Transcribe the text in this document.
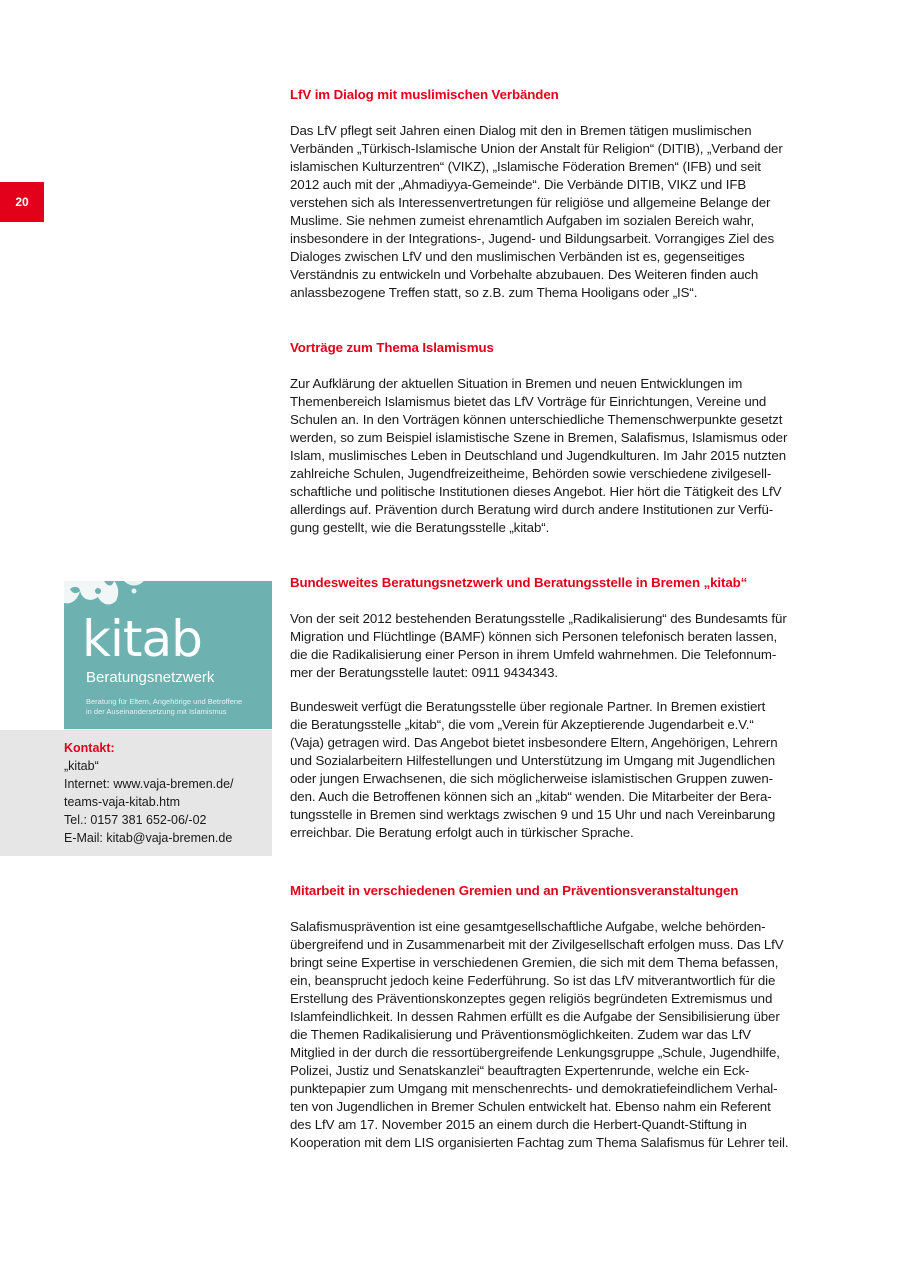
20
LfV im Dialog mit muslimischen Verbänden

Das LfV pflegt seit Jahren einen Dialog mit den in Bremen tätigen muslimischen
Verbänden „Türkisch-Islamische Union der Anstalt für Religion“ (DITIB), „Verband der
islamischen Kulturzentren“ (VIKZ), „Islamische Föderation Bremen“ (IFB) und seit
2012 auch mit der „Ahmadiyya-Gemeinde“. Die Verbände DITIB, VIKZ und IFB
verstehen sich als Interessenvertretungen für religiöse und allgemeine Belange der
Muslime. Sie nehmen zumeist ehrenamtlich Aufgaben im sozialen Bereich wahr,
insbesondere in der Integrations-, Jugend- und Bildungsarbeit. Vorrangiges Ziel des
Dialoges zwischen LfV und den muslimischen Verbänden ist es, gegenseitiges
Verständnis zu entwickeln und Vorbehalte abzubauen. Des Weiteren finden auch
anlassbezogene Treffen statt, so z.B. zum Thema Hooligans oder „IS“.

Vorträge zum Thema Islamismus

Zur Aufklärung der aktuellen Situation in Bremen und neuen Entwicklungen im
Themenbereich Islamismus bietet das LfV Vorträge für Einrichtungen, Vereine und
Schulen an. In den Vorträgen können unterschiedliche Themenschwerpunkte gesetzt
werden, so zum Beispiel islamistische Szene in Bremen, Salafismus, Islamismus oder
Islam, muslimisches Leben in Deutschland und Jugendkulturen. Im Jahr 2015 nutzten
zahlreiche Schulen, Jugendfreizeitheime, Behörden sowie verschiedene zivilgesell-
schaftliche und politische Institutionen dieses Angebot. Hier hört die Tätigkeit des LfV
allerdings auf. Prävention durch Beratung wird durch andere Institutionen zur Verfü-
gung gestellt, wie die Beratungsstelle „kitab“.

Bundesweites Beratungsnetzwerk und Beratungsstelle in Bremen „kitab“

Von der seit 2012 bestehenden Beratungsstelle „Radikalisierung“ des Bundesamts für
Migration und Flüchtlinge (BAMF) können sich Personen telefonisch beraten lassen,
die die Radikalisierung einer Person in ihrem Umfeld wahrnehmen. Die Telefonnum-
mer der Beratungsstelle lautet: 0911 9434343.

Bundesweit verfügt die Beratungsstelle über regionale Partner. In Bremen existiert
die Beratungsstelle „kitab“, die vom „Verein für Akzeptierende Jugendarbeit e.V.“
(Vaja) getragen wird. Das Angebot bietet insbesondere Eltern, Angehörigen, Lehrern
und Sozialarbeitern Hilfestellungen und Unterstützung im Umgang mit Jugendlichen
oder jungen Erwachsenen, die sich möglicherweise islamistischen Gruppen zuwen-
den. Auch die Betroffenen können sich an „kitab“ wenden. Die Mitarbeiter der Bera-
tungsstelle in Bremen sind werktags zwischen 9 und 15 Uhr und nach Vereinbarung
erreichbar. Die Beratung erfolgt auch in türkischer Sprache.

Mitarbeit in verschiedenen Gremien und an Präventionsveranstaltungen

Salafismusprävention ist eine gesamtgesellschaftliche Aufgabe, welche behörden-
übergreifend und in Zusammenarbeit mit der Zivilgesellschaft erfolgen muss. Das LfV
bringt seine Expertise in verschiedenen Gremien, die sich mit dem Thema befassen,
ein, beansprucht jedoch keine Federführung. So ist das LfV mitverantwortlich für die
Erstellung des Präventionskonzeptes gegen religiös begründeten Extremismus und
Islamfeindlichkeit. In dessen Rahmen erfüllt es die Aufgabe der Sensibilisierung über
die Themen Radikalisierung und Präventionsmöglichkeiten. Zudem war das LfV
Mitglied in der durch die ressortübergreifende Lenkungsgruppe „Schule, Jugendhilfe,
Polizei, Justiz und Senatskanzlei“ beauftragten Expertenrunde, welche ein Eck-
punktepapier zum Umgang mit menschenrechts- und demokratiefeindlichem Verhal-
ten von Jugendlichen in Bremer Schulen entwickelt hat. Ebenso nahm ein Referent
des LfV am 17. November 2015 an einem durch die Herbert-Quandt-Stiftung in
Kooperation mit dem LIS organisierten Fachtag zum Thema Salafismus für Lehrer teil.

kitab
Beratungsnetzwerk
Beratung für Eltern, Angehörige und Betroffene
in der Auseinandersetzung mit Islamismus
Kontakt:
„kitab“
Internet: www.vaja-bremen.de/
teams-vaja-kitab.htm
Tel.: 0157 381 652-06/-02
E-Mail: kitab@vaja-bremen.de
